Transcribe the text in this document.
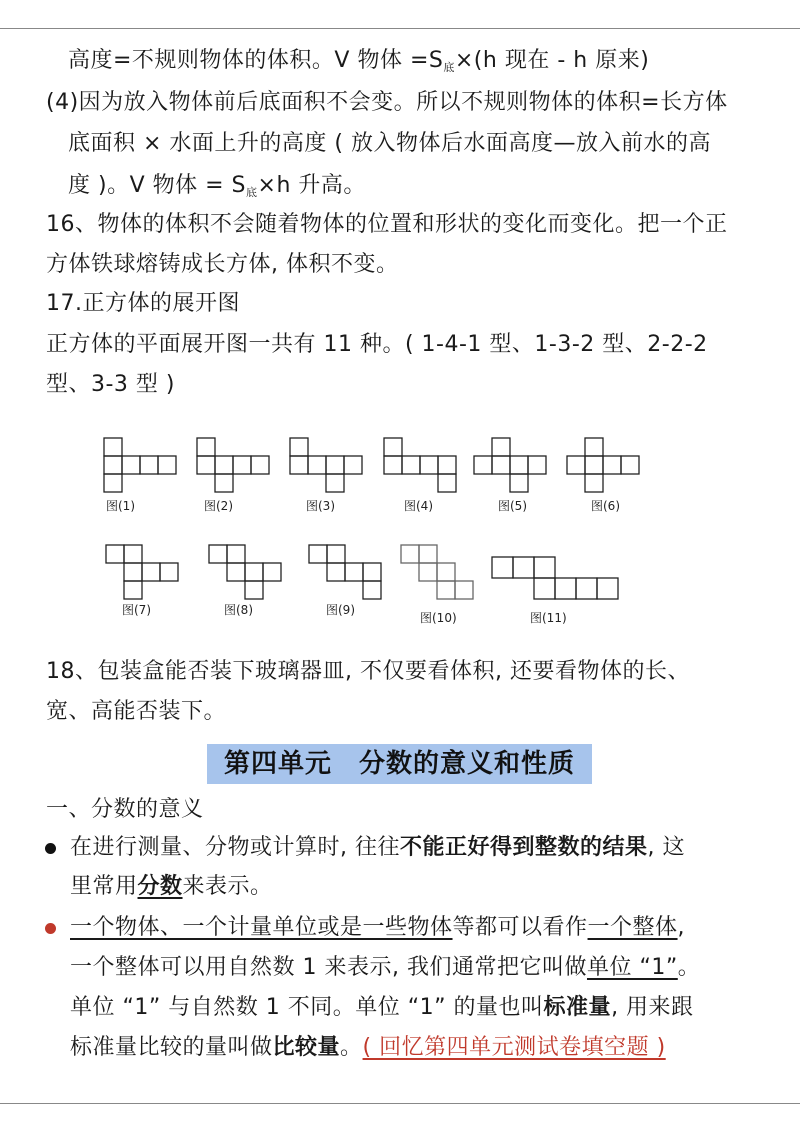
高度=不规则物体的体积。V 物体 $=S_底\times(h$ 现在 - h 原来)
(4)因为放入物体前后底面积不会变。所以不规则物体的体积=长方体
底面积 × 水面上升的高度 ( 放入物体后水面高度—放入前水的高
度 )。V 物体 = $S_底\times h$ 升高。
16、物体的体积不会随着物体的位置和形状的变化而变化。把一个正
方体铁球熔铸成长方体, 体积不变。
17.正方体的展开图
正方体的平面展开图一共有 11 种。( 1-4-1 型、1-3-2 型、2-2-2
型、3-3 型 )
图(1)	图(2)	图(3)	图(4)	图(5)	图(6)
图(7)	图(8)	图(9)
图(10)	图(11)
18、包装盒能否装下玻璃器皿, 不仅要看体积, 还要看物体的长、
宽、高能否装下。
第四单元　分数的意义和性质
一、分数的意义
在进行测量、分物或计算时, 往往不能正好得到整数的结果, 这
里常用分数来表示。
一个物体、一个计量单位或是一些物体等都可以看作一个整体,
一个整体可以用自然数 1 来表示, 我们通常把它叫做单位 “1”。
单位 “1” 与自然数 1 不同。单位 “1” 的量也叫标准量, 用来跟
标准量比较的量叫做比较量。( 回忆第四单元测试卷填空题 )
